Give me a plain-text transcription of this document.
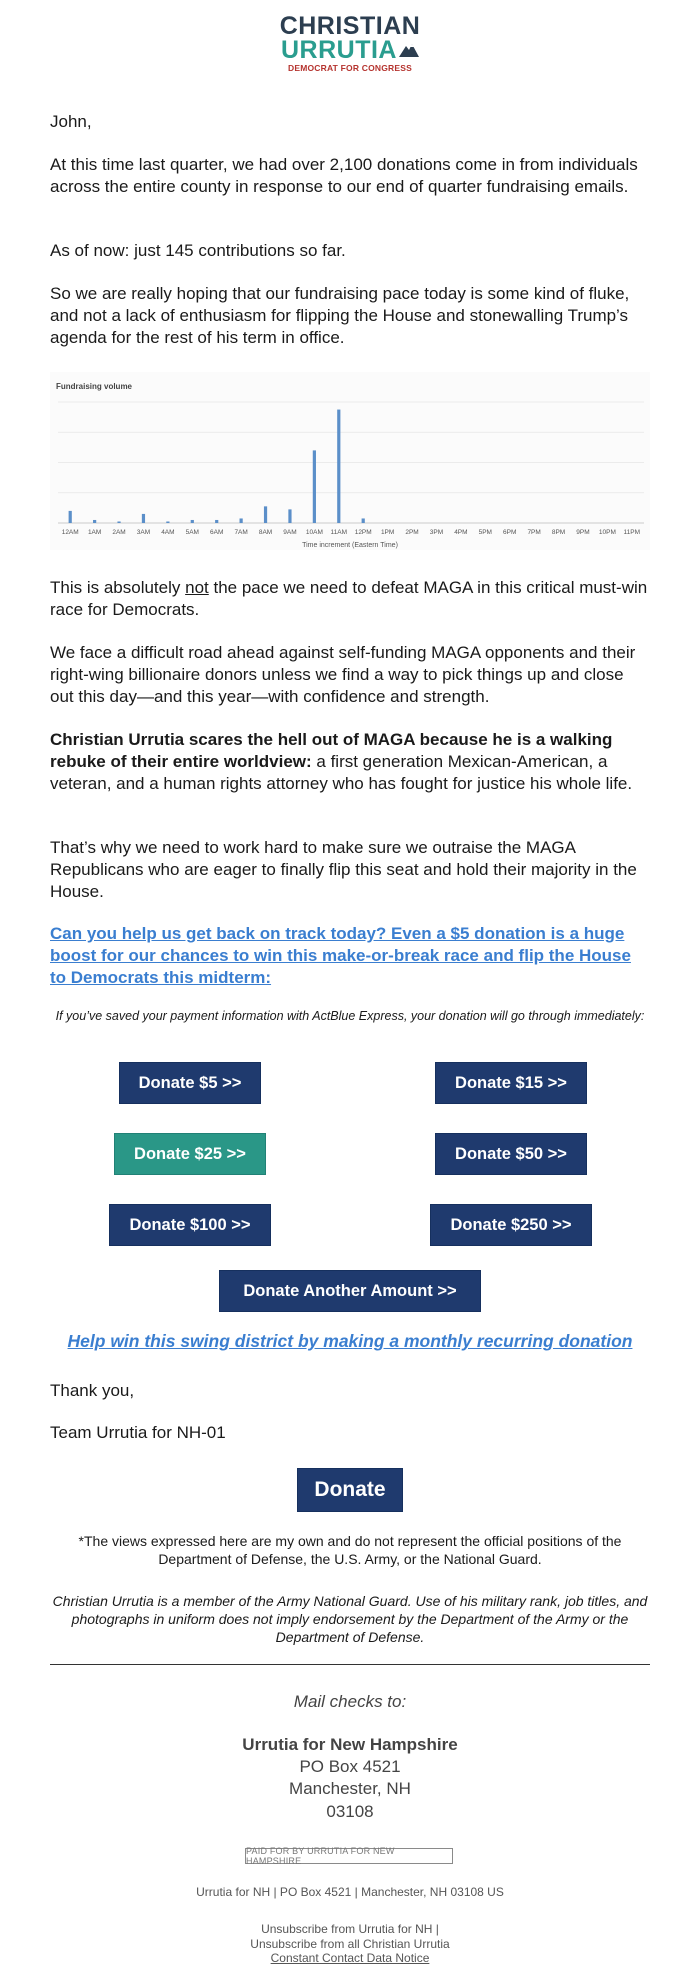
CHRISTIAN
URRUTIA
DEMOCRAT FOR CONGRESS

John,

At this time last quarter, we had over 2,100 donations come in from individuals across the entire county in response to our end of quarter fundraising emails.

As of now: just 145 contributions so far.

So we are really hoping that our fundraising pace today is some kind of fluke, and not a lack of enthusiasm for flipping the House and stonewalling Trump’s agenda for the rest of his term in office.

Fundraising volume
12AM 1AM 2AM 3AM 4AM 5AM 6AM 7AM 8AM 9AM 10AM 11AM 12PM 1PM 2PM 3PM 4PM 5PM 6PM 7PM 8PM 9PM 10PM 11PM
Time increment (Eastern Time)

This is absolutely not the pace we need to defeat MAGA in this critical must-win race for Democrats.

We face a difficult road ahead against self-funding MAGA opponents and their right-wing billionaire donors unless we find a way to pick things up and close out this day—and this year—with confidence and strength.

Christian Urrutia scares the hell out of MAGA because he is a walking rebuke of their entire worldview: a first generation Mexican-American, a veteran, and a human rights attorney who has fought for justice his whole life.

That’s why we need to work hard to make sure we outraise the MAGA Republicans who are eager to finally flip this seat and hold their majority in the House.

Can you help us get back on track today? Even a $5 donation is a huge boost for our chances to win this make-or-break race and flip the House to Democrats this midterm:

If you’ve saved your payment information with ActBlue Express, your donation will go through immediately:
Donate $5 >>	Donate $15 >>
Donate $25 >>	Donate $50 >>
Donate $100 >>	Donate $250 >>
Donate Another Amount >>
Help win this swing district by making a monthly recurring donation

Thank you,

Team Urrutia for NH-01

Donate
*The views expressed here are my own and do not represent the official positions of the Department of Defense, the U.S. Army, or the National Guard.
Christian Urrutia is a member of the Army National Guard. Use of his military rank, job titles, and photographs in uniform does not imply endorsement by the Department of the Army or the Department of Defense.
Mail checks to:
Urrutia for New Hampshire
PO Box 4521
Manchester, NH
03108
PAID FOR BY URRUTIA FOR NEW HAMPSHIRE
Urrutia for NH | PO Box 4521 | Manchester, NH 03108 US
Unsubscribe from Urrutia for NH |
Unsubscribe from all Christian Urrutia
Constant Contact Data Notice
